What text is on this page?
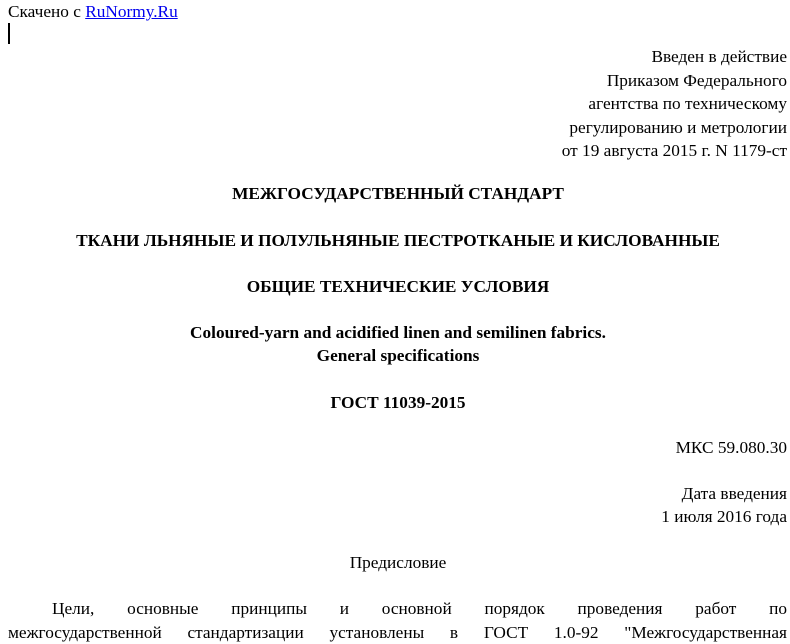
Скачено с RuNormy.Ru
Введен в действие
Приказом Федерального
агентства по техническому
регулированию и метрологии
от 19 августа 2015 г. N 1179-ст
МЕЖГОСУДАРСТВЕННЫЙ СТАНДАРТ
ТКАНИ ЛЬНЯНЫЕ И ПОЛУЛЬНЯНЫЕ ПЕСТРОТКАНЫЕ И КИСЛОВАННЫЕ
ОБЩИЕ ТЕХНИЧЕСКИЕ УСЛОВИЯ
Coloured-yarn and acidified linen and semilinen fabrics.
General specifications
ГОСТ 11039-2015
МКС 59.080.30
Дата введения
1 июля 2016 года
Предисловие
Цели, основные принципы и основной порядок проведения работ по
межгосударственной стандартизации установлены в ГОСТ 1.0-92 "Межгосударственная
